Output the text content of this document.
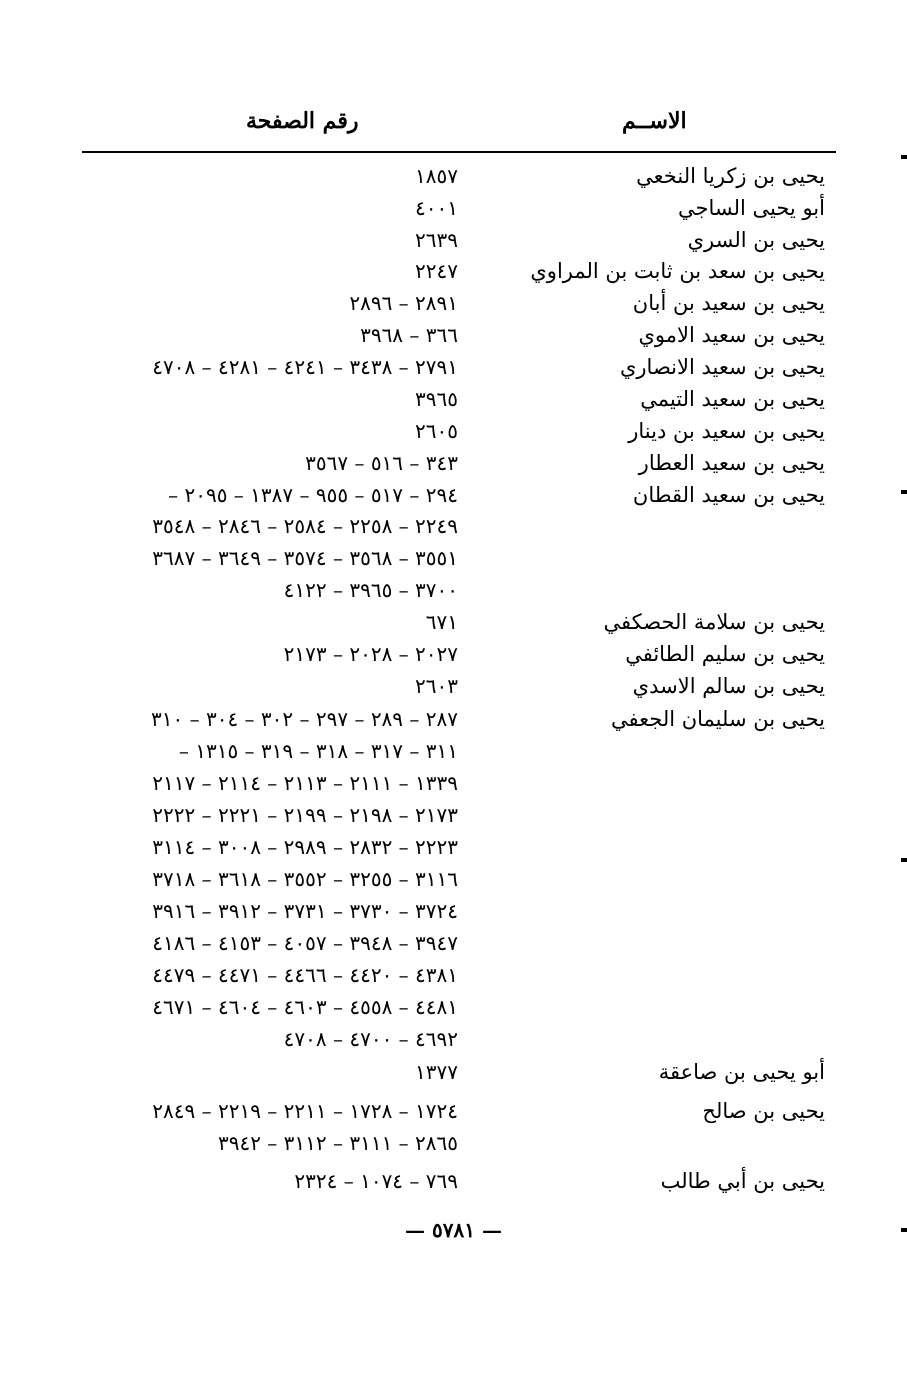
الاســم
رقم الصفحة
يحيى بن زكريا النخعي
١٨٥٧
أبو يحيى الساجي
٤٠٠١
يحيى بن السري
٢٦٣٩
يحيى بن سعد بن ثابت بن المراوي
٢٢٤٧
يحيى بن سعيد بن أبان
٢٨٩١ – ٢٨٩٦
يحيى بن سعيد الاموي
٣٦٦ – ٣٩٦٨
يحيى بن سعيد الانصاري
٢٧٩١ – ٣٤٣٨ – ٤٢٤١ – ٤٢٨١ – ٤٧٠٨
يحيى بن سعيد التيمي
٣٩٦٥
يحيى بن سعيد بن دينار
٢٦٠٥
يحيى بن سعيد العطار
٣٤٣ – ٥١٦ – ٣٥٦٧
يحيى بن سعيد القطان
٢٩٤ – ٥١٧ – ٩٥٥ – ١٣٨٧ – ٢٠٩٥ –
٢٢٤٩ – ٢٢٥٨ – ٢٥٨٤ – ٢٨٤٦ – ٣٥٤٨
٣٥٥١ – ٣٥٦٨ – ٣٥٧٤ – ٣٦٤٩ – ٣٦٨٧
٣٧٠٠ – ٣٩٦٥ – ٤١٢٢
يحيى بن سلامة الحصكفي
٦٧١
يحيى بن سليم الطائفي
٢٠٢٧ – ٢٠٢٨ – ٢١٧٣
يحيى بن سالم الاسدي
٢٦٠٣
يحيى بن سليمان الجعفي
٢٨٧ – ٢٨٩ – ٢٩٧ – ٣٠٢ – ٣٠٤ – ٣١٠
٣١١ – ٣١٧ – ٣١٨ – ٣١٩ – ١٣١٥ –
١٣٣٩ – ٢١١١ – ٢١١٣ – ٢١١٤ – ٢١١٧
٢١٧٣ – ٢١٩٨ – ٢١٩٩ – ٢٢٢١ – ٢٢٢٢
٢٢٢٣ – ٢٨٣٢ – ٢٩٨٩ – ٣٠٠٨ – ٣١١٤
٣١١٦ – ٣٢٥٥ – ٣٥٥٢ – ٣٦١٨ – ٣٧١٨
٣٧٢٤ – ٣٧٣٠ – ٣٧٣١ – ٣٩١٢ – ٣٩١٦
٣٩٤٧ – ٣٩٤٨ – ٤٠٥٧ – ٤١٥٣ – ٤١٨٦
٤٣٨١ – ٤٤٢٠ – ٤٤٦٦ – ٤٤٧١ – ٤٤٧٩
٤٤٨١ – ٤٥٥٨ – ٤٦٠٣ – ٤٦٠٤ – ٤٦٧١
٤٦٩٢ – ٤٧٠٠ – ٤٧٠٨
أبو يحيى بن صاعقة
١٣٧٧
يحيى بن صالح
١٧٢٤ – ١٧٢٨ – ٢٢١١ – ٢٢١٩ – ٢٨٤٩
٢٨٦٥ – ٣١١١ – ٣١١٢ – ٣٩٤٢
يحيى بن أبي طالب
٧٦٩ – ١٠٧٤ – ٢٣٢٤
— ٥٧٨١ —
